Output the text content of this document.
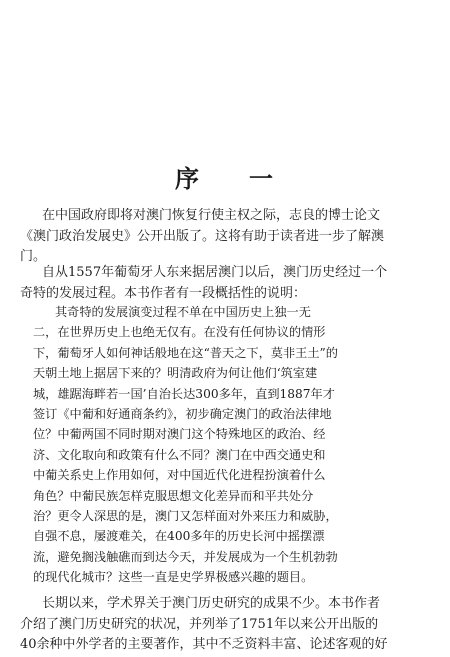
序 一
在中国政府即将对澳门恢复行使主权之际，志良的博士论文
《澳门政治发展史》公开出版了。这将有助于读者进一步了解澳
门。
自从1557年葡萄牙人东来据居澳门以后，澳门历史经过一个
奇特的发展过程。本书作者有一段概括性的说明：
其奇特的发展演变过程不单在中国历史上独一无
二，在世界历史上也绝无仅有。在没有任何协议的情形
下，葡萄牙人如何神话般地在这“普天之下，莫非王土”的
天朝土地上据居下来的？明清政府为何让他们‘筑室建
城，雄踞海畔若一国’自治长达300多年，直到1887年才
签订《中葡和好通商条约》，初步确定澳门的政治法律地
位？中葡两国不同时期对澳门这个特殊地区的政治、经
济、文化取向和政策有什么不同？澳门在中西交通史和
中葡关系史上作用如何，对中国近代化进程扮演着什么
角色？中葡民族怎样克服思想文化差异而和平共处分
治？更令人深思的是，澳门又怎样面对外来压力和威胁，
自强不息，屡渡难关，在400多年的历史长河中摇摆漂
流，避免搁浅触礁而到达今天，并发展成为一个生机勃勃
的现代化城市？这些一直是史学界极感兴趣的题目。
长期以来，学术界关于澳门历史研究的成果不少。本书作者
介绍了澳门历史研究的状况，并列举了1751年以来公开出版的
40余种中外学者的主要著作，其中不乏资料丰富、论述客观的好
